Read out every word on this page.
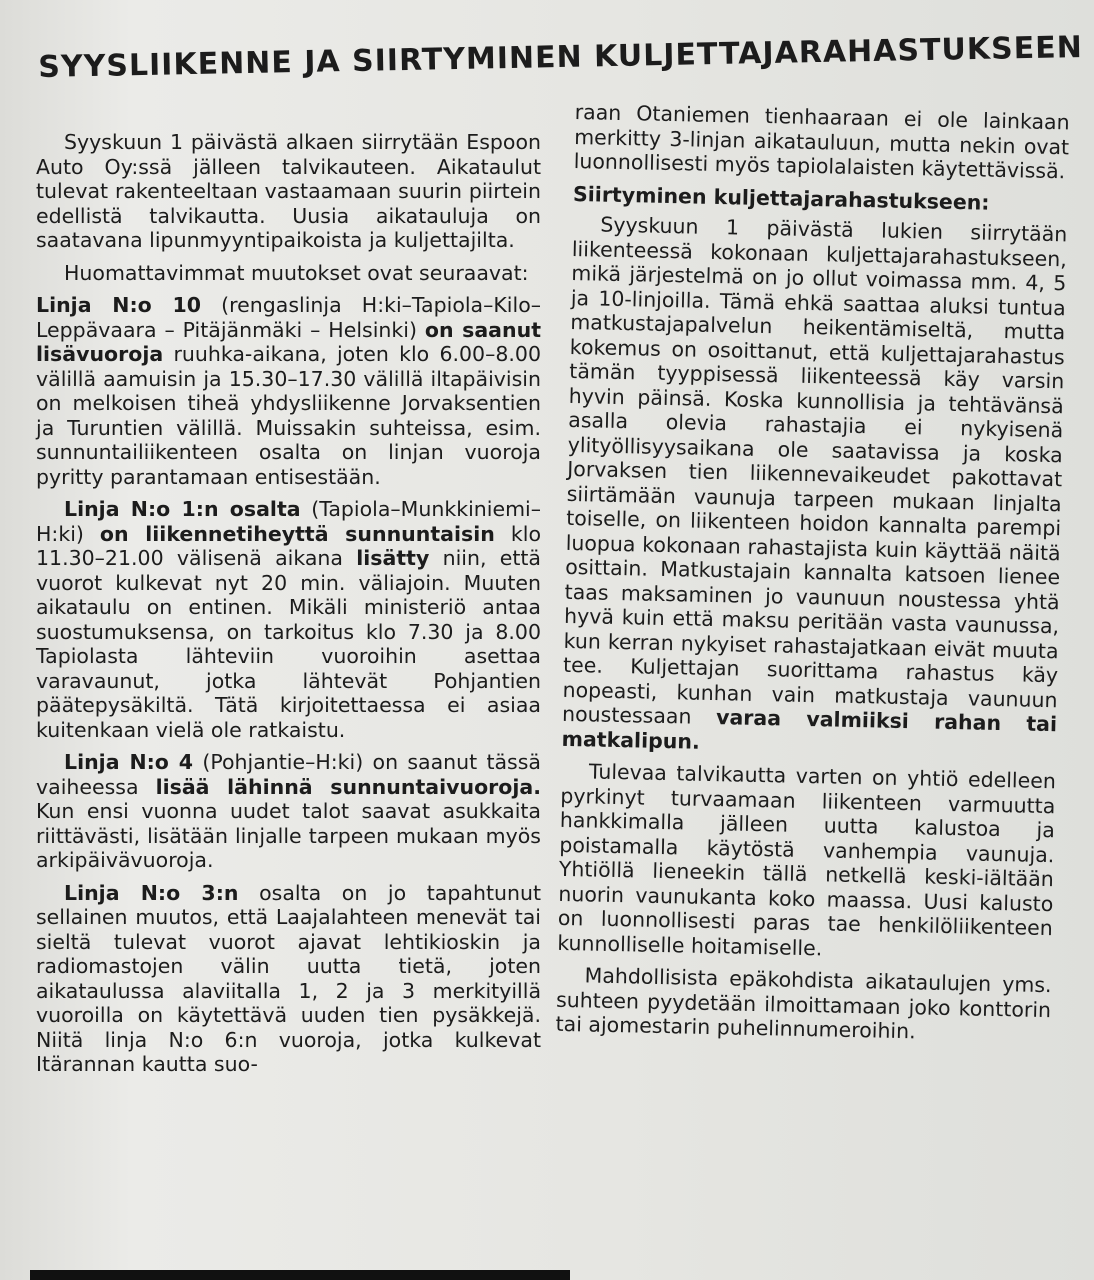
SYYSLIIKENNE JA SIIRTYMINEN KULJETTAJARAHASTUKSEEN

Syyskuun 1 päivästä alkaen siirrytään Espoon Auto Oy:ssä jälleen talvikauteen. Aikataulut tulevat rakenteeltaan vastaamaan suurin piirtein edellistä talvikautta. Uusia aikatauluja on saatavana lipunmyyntipaikoista ja kuljettajilta.

Huomattavimmat muutokset ovat seuraavat:

Linja N:o 10 (rengaslinja H:ki–Tapiola–Kilo–Leppävaara – Pitäjänmäki – Helsinki) on saanut lisävuoroja ruuhka-aikana, joten klo 6.00–8.00 välillä aamuisin ja 15.30–17.30 välillä iltapäivisin on melkoisen tiheä yhdysliikenne Jorvaksentien ja Turuntien välillä. Muissakin suhteissa, esim. sunnuntailiikenteen osalta on linjan vuoroja pyritty parantamaan entisestään.

Linja N:o 1:n osalta (Tapiola–Munkkiniemi–H:ki) on liikennetiheyttä sunnuntaisin klo 11.30–21.00 välisenä aikana lisätty niin, että vuorot kulkevat nyt 20 min. väliajoin. Muuten aikataulu on entinen. Mikäli ministeriö antaa suostumuksensa, on tarkoitus klo 7.30 ja 8.00 Tapiolasta lähteviin vuoroihin asettaa varavaunut, jotka lähtevät Pohjantien päätepysäkiltä. Tätä kirjoitettaessa ei asiaa kuitenkaan vielä ole ratkaistu.

Linja N:o 4 (Pohjantie–H:ki) on saanut tässä vaiheessa lisää lähinnä sunnuntaivuoroja. Kun ensi vuonna uudet talot saavat asukkaita riittävästi, lisätään linjalle tarpeen mukaan myös arkipäivävuoroja.

Linja N:o 3:n osalta on jo tapahtunut sellainen muutos, että Laajalahteen menevät tai sieltä tulevat vuorot ajavat lehtikioskin ja radiomastojen välin uutta tietä, joten aikataulussa alaviitalla 1, 2 ja 3 merkityillä vuoroilla on käytettävä uuden tien pysäkkejä. Niitä linja N:o 6:n vuoroja, jotka kulkevat Itärannan kautta suo-

raan Otaniemen tienhaaraan ei ole lainkaan merkitty 3-linjan aikatauluun, mutta nekin ovat luonnollisesti myös tapiolalaisten käytettävissä.

Siirtyminen kuljettajarahastukseen:

Syyskuun 1 päivästä lukien siirrytään liikenteessä kokonaan kuljettajarahastukseen, mikä järjestelmä on jo ollut voimassa mm. 4, 5 ja 10-linjoilla. Tämä ehkä saattaa aluksi tuntua matkustajapalvelun heikentämiseltä, mutta kokemus on osoittanut, että kuljettajarahastus tämän tyyppisessä liikenteessä käy varsin hyvin päinsä. Koska kunnollisia ja tehtävänsä asalla olevia rahastajia ei nykyisenä ylityöllisyysaikana ole saatavissa ja koska Jorvaksen tien liikennevaikeudet pakottavat siirtämään vaunuja tarpeen mukaan linjalta toiselle, on liikenteen hoidon kannalta parempi luopua kokonaan rahastajista kuin käyttää näitä osittain. Matkustajain kannalta katsoen lienee taas maksaminen jo vaunuun noustessa yhtä hyvä kuin että maksu peritään vasta vaunussa, kun kerran nykyiset rahastajatkaan eivät muuta tee. Kuljettajan suorittama rahastus käy nopeasti, kunhan vain matkustaja vaunuun noustessaan varaa valmiiksi rahan tai matkalipun.

Tulevaa talvikautta varten on yhtiö edelleen pyrkinyt turvaamaan liikenteen varmuutta hankkimalla jälleen uutta kalustoa ja poistamalla käytöstä vanhempia vaunuja. Yhtiöllä lieneekin tällä netkellä keski-iältään nuorin vaunukanta koko maassa. Uusi kalusto on luonnollisesti paras tae henkilöliikenteen kunnolliselle hoitamiselle.

Mahdollisista epäkohdista aikataulujen yms. suhteen pyydetään ilmoittamaan joko konttorin tai ajomestarin puhelinnumeroihin.
